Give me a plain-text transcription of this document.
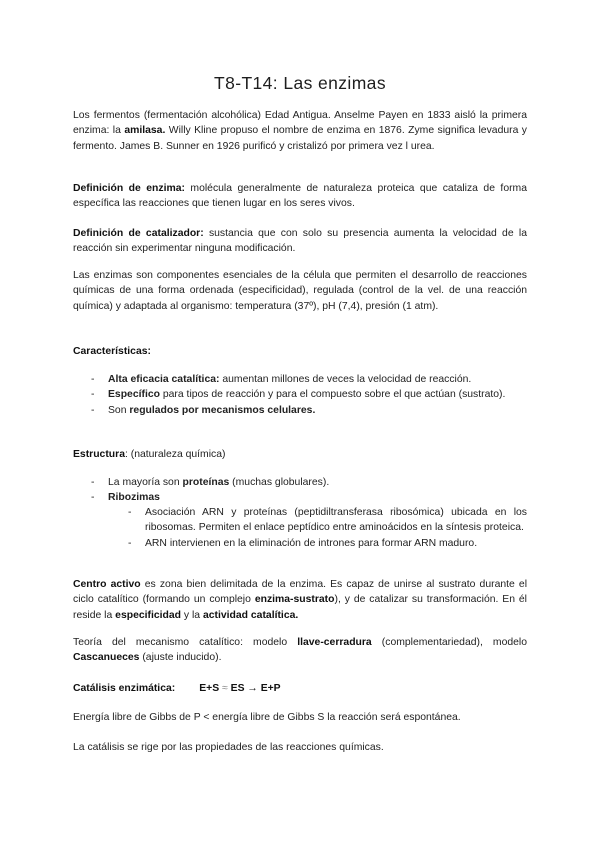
T8-T14: Las enzimas

Los fermentos (fermentación alcohólica) Edad Antigua. Anselme Payen en 1833 aisló la primera enzima: la amilasa. Willy Kline propuso el nombre de enzima en 1876. Zyme significa levadura y fermento. James B. Sunner en 1926 purificó y cristalizó por primera vez l urea.

Definición de enzima: molécula generalmente de naturaleza proteica que cataliza de forma específica las reacciones que tienen lugar en los seres vivos.

Definición de catalizador: sustancia que con solo su presencia aumenta la velocidad de la reacción sin experimentar ninguna modificación.

Las enzimas son componentes esenciales de la célula que permiten el desarrollo de reacciones químicas de una forma ordenada (especificidad), regulada (control de la vel. de una reacción química) y adaptada al organismo: temperatura (37º), pH (7,4), presión (1 atm).

Características:

- Alta eficacia catalítica: aumentan millones de veces la velocidad de reacción.
- Específico para tipos de reacción y para el compuesto sobre el que actúan (sustrato).
- Son regulados por mecanismos celulares.

Estructura: (naturaleza química)

- La mayoría son proteínas (muchas globulares).
- Ribozimas
- Asociación ARN y proteínas (peptidiltransferasa ribosómica) ubicada en los ribosomas. Permiten el enlace peptídico entre aminoácidos en la síntesis proteica.
- ARN intervienen en la eliminación de intrones para formar ARN maduro.

Centro activo es zona bien delimitada de la enzima. Es capaz de unirse al sustrato durante el ciclo catalítico (formando un complejo enzima-sustrato), y de catalizar su transformación. En él reside la especificidad y la actividad catalítica.

Teoría del mecanismo catalítico: modelo llave-cerradura (complementariedad), modelo Cascanueces (ajuste inducido).

Catálisis enzimática: E+S ≈ ES → E+P

Energía libre de Gibbs de P < energía libre de Gibbs S la reacción será espontánea.

La catálisis se rige por las propiedades de las reacciones químicas.
